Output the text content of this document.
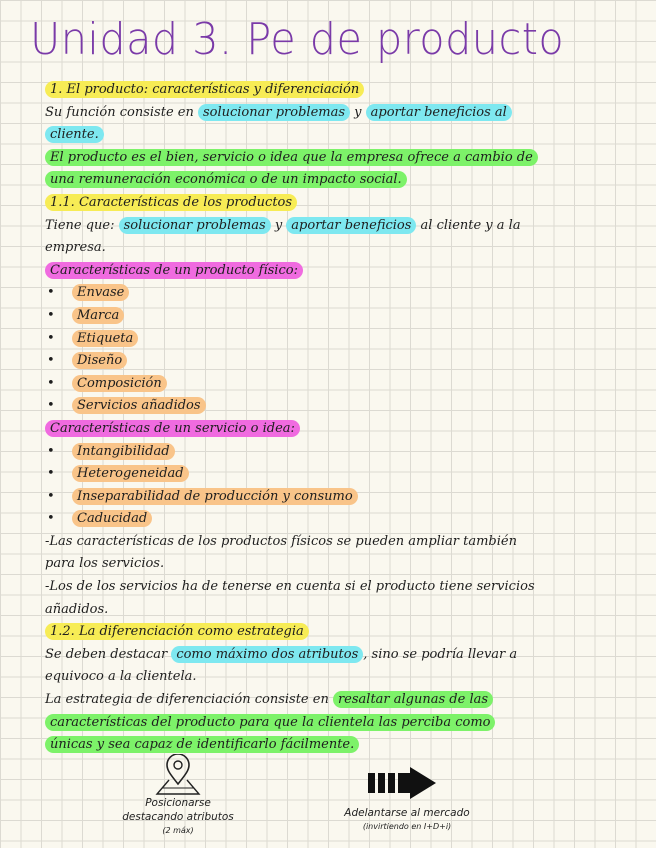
Unidad 3. Pe de producto
1. El producto: características y diferenciación
Su función consiste en solucionar problemas y aportar beneficios al
cliente.
El producto es el bien, servicio o idea que la empresa ofrece a cambio de
una remuneración económica o de un impacto social.
1.1. Características de los productos
Tiene que: solucionar problemas y aportar beneficios al cliente y a la
empresa.
Características de un producto físico:
• Envase
• Marca
• Etiqueta
• Diseño
• Composición
• Servicios añadidos
Características de un servicio o idea:
• Intangibilidad
• Heterogeneidad
• Inseparabilidad de producción y consumo
• Caducidad
-Las características de los productos físicos se pueden ampliar también
para los servicios.
-Los de los servicios ha de tenerse en cuenta si el producto tiene servicios
añadidos.
1.2. La diferenciación como estrategia
Se deben destacar como máximo dos atributos , sino se podría llevar a
equivoco a la clientela.
La estrategia de diferenciación consiste en resaltar algunas de las
características del producto para que la clientela las perciba como
únicas y sea capaz de identificarlo fácilmente.
Posicionarse
destacando atributos
(2 máx)
Adelantarse al mercado
(invirtiendo en I+D+i)
